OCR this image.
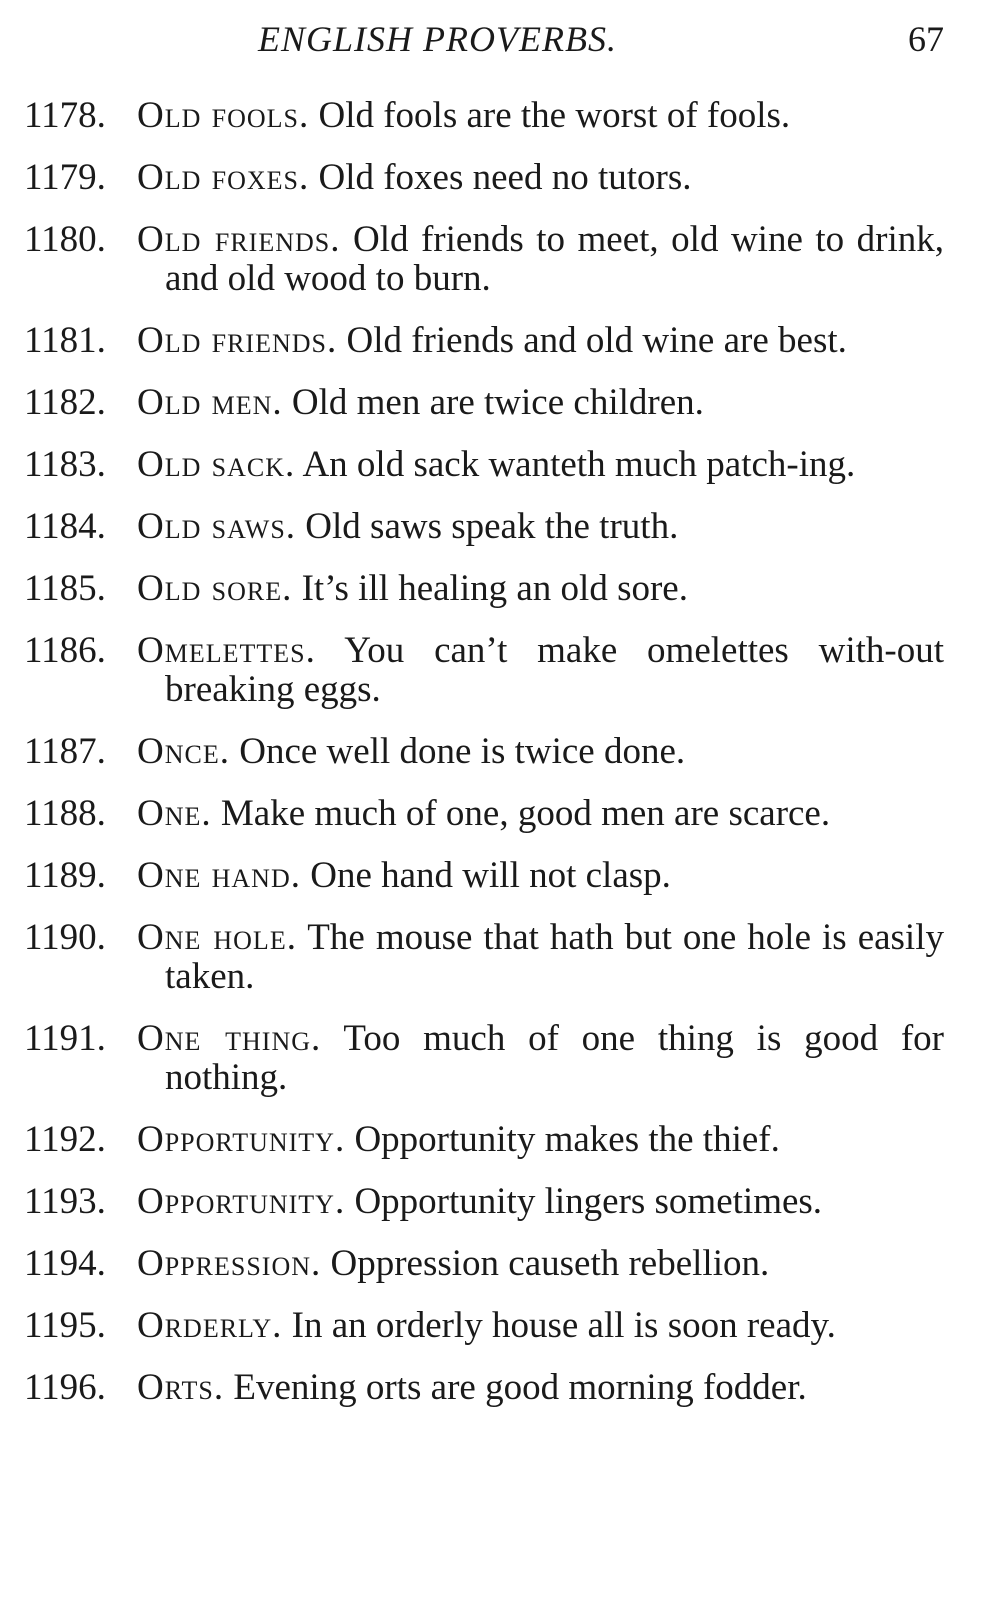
ENGLISH PROVERBS.	67
1178. Old fools. Old fools are the worst of fools.
1179. Old foxes. Old foxes need no tutors.
1180. Old friends. Old friends to meet, old wine to drink, and old wood to burn.
1181. Old friends. Old friends and old wine are best.
1182. Old men. Old men are twice children.
1183. Old sack. An old sack wanteth much patch-ing.
1184. Old saws. Old saws speak the truth.
1185. Old sore. It’s ill healing an old sore.
1186. Omelettes. You can’t make omelettes with-out breaking eggs.
1187. Once. Once well done is twice done.
1188. One. Make much of one, good men are scarce.
1189. One hand. One hand will not clasp.
1190. One hole. The mouse that hath but one hole is easily taken.
1191. One thing. Too much of one thing is good for nothing.
1192. Opportunity. Opportunity makes the thief.
1193. Opportunity. Opportunity lingers sometimes.
1194. Oppression. Oppression causeth rebellion.
1195. Orderly. In an orderly house all is soon ready.
1196. Orts. Evening orts are good morning fodder.
